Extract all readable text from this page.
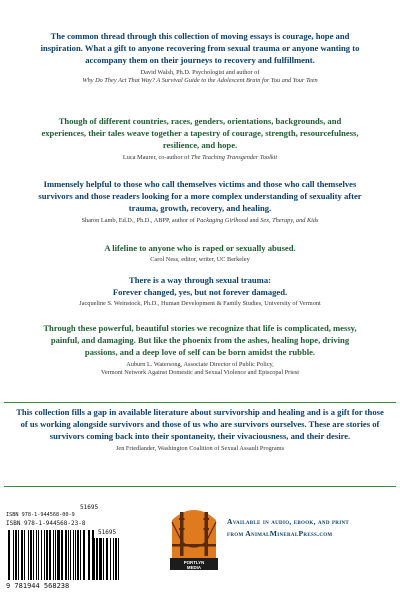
The common thread through this collection of moving essays is courage, hope and inspiration. What a gift to anyone recovering from sexual trauma or anyone wanting to accompany them on their journeys to recovery and fulfillment.
David Walsh, Ph.D. Psychologist and author of
Why Do They Act That Way? A Survival Guide to the Adolescent Brain for You and Your Teen
Though of different countries, races, genders, orientations, backgrounds, and experiences, their tales weave together a tapestry of courage, strength, resourcefulness, resilience, and hope.
Luca Maurer, co-author of The Teaching Transgender Toolkit
Immensely helpful to those who call themselves victims and those who call themselves survivors and those readers looking for a more complex understanding of sexuality after trauma, growth, recovery, and healing.
Sharon Lamb, Ed.D., Ph.D., ABPP, author of Packaging Girlhood and Sex, Therapy, and Kids
A lifeline to anyone who is raped or sexually abused.
Carol Ness, editor, writer, UC Berkeley
There is a way through sexual trauma:
Forever changed, yes, but not forever damaged.
Jacqueline S. Weinstock, Ph.D., Human Development & Family Studies, University of Vermont
Through these powerful, beautiful stories we recognize that life is complicated, messy, painful, and damaging. But like the phoenix from the ashes, healing hope, driving passions, and a deep love of self can be born amidst the rubble.
Auburn L. Watersong, Associate Director of Public Policy,
Vermont Network Against Domestic and Sexual Violence and Episcopal Priest
This collection fills a gap in available literature about survivorship and healing and is a gift for those of us working alongside survivors and those of us who are survivors ourselves. These are stories of survivors coming back into their spontaneity, their vivaciousness, and their desire.
Jen Friedlander, Washington Coalition of Sexual Assault Programs
51695
ISBN 978-1-944568-00-9
ISBN 978-1-944568-23-8
51695
9 781944 568238
PORTLYN
MEDIA
Available in audio, ebook, and print
from AnimalMineralPress.com
